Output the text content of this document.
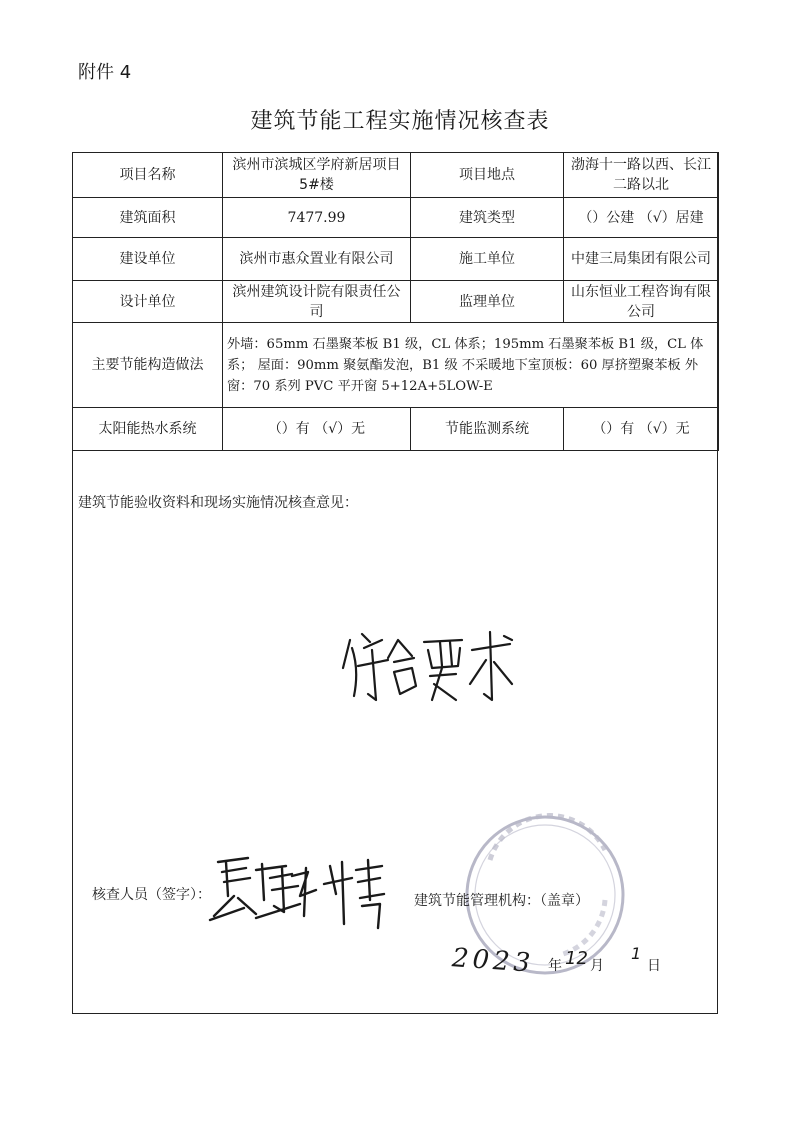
附件 4
建筑节能工程实施情况核查表
项目名称	滨州市滨城区学府新居项目 5#楼	项目地点	渤海十一路以西、长江二路以北
建筑面积	7477.99	建筑类型	（）公建 （√）居建
建设单位	滨州市惠众置业有限公司	施工单位	中建三局集团有限公司
设计单位	滨州建筑设计院有限责任公司	监理单位	山东恒业工程咨询有限公司
主要节能构造做法	外墙：65mm 石墨聚苯板 B1 级，CL 体系；195mm 石墨聚苯板 B1 级，CL 体系； 屋面：90mm 聚氨酯发泡，B1 级 不采暖地下室顶板：60 厚挤塑聚苯板 外窗：70 系列 PVC 平开窗 5+12A+5LOW-E		
太阳能热水系统	（）有 （√）无	节能监测系统	（）有 （√）无
建筑节能验收资料和现场实施情况核查意见：
核查人员（签字）：	建筑节能管理机构：（盖章）
2023 年 12 月
1
日
